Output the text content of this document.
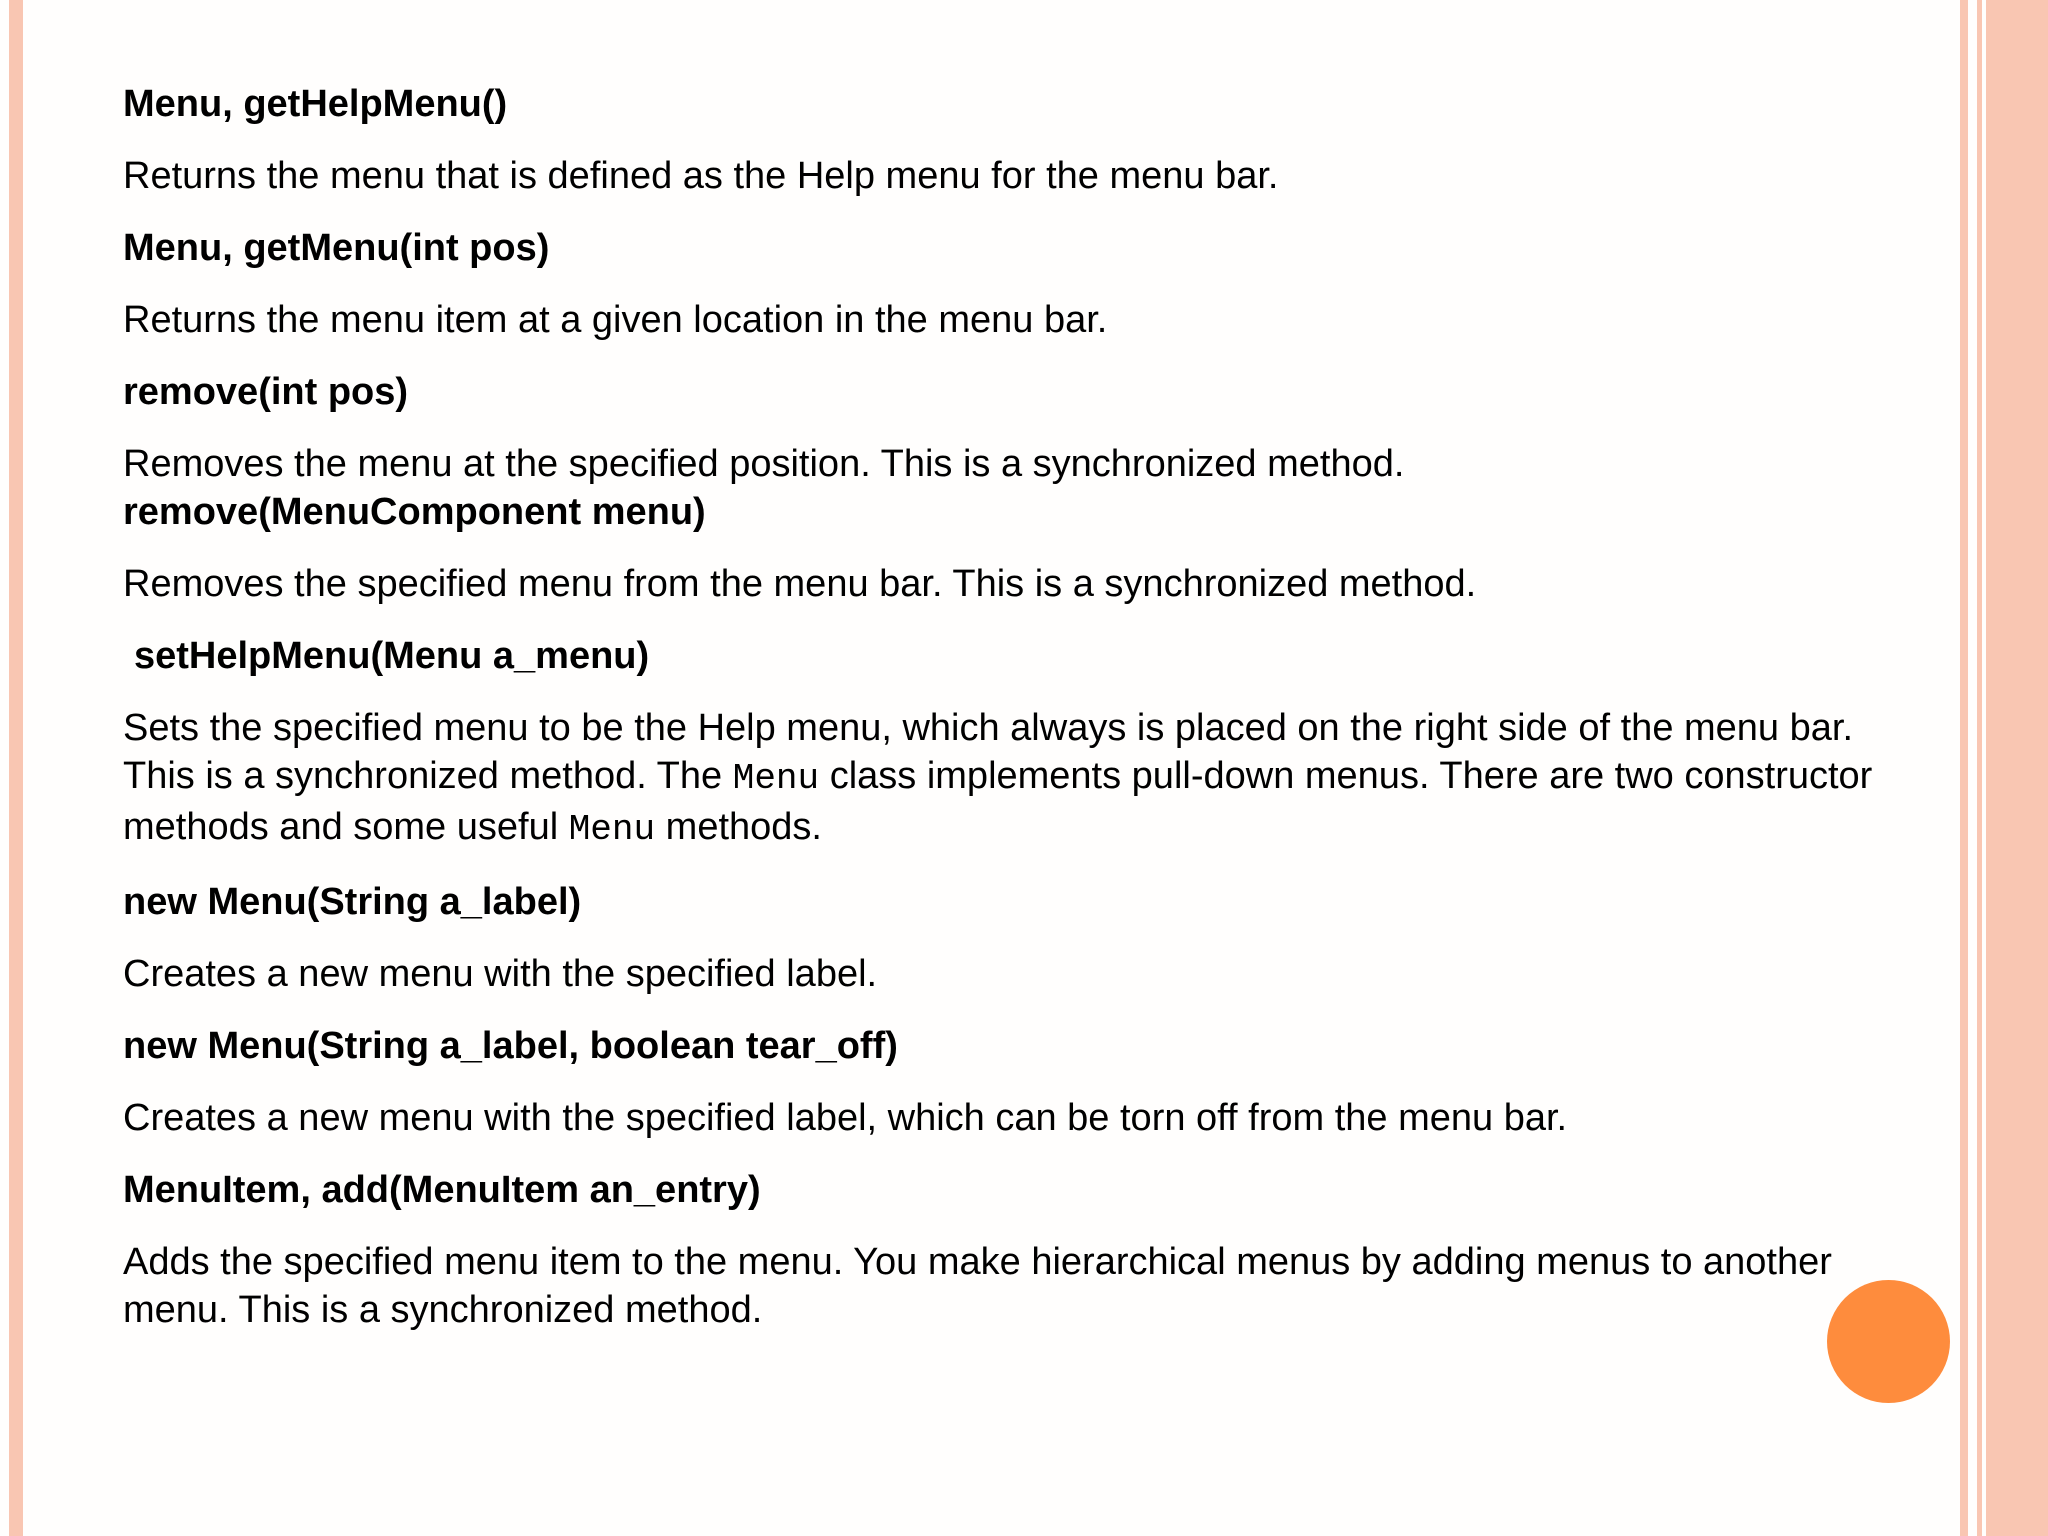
Menu, getHelpMenu()

Returns the menu that is defined as the Help menu for the menu bar.

Menu, getMenu(int pos)

Returns the menu item at a given location in the menu bar.

remove(int pos)

Removes the menu at the specified position. This is a synchronized method.

remove(MenuComponent menu)

Removes the specified menu from the menu bar. This is a synchronized method.

setHelpMenu(Menu a_menu)

Sets the specified menu to be the Help menu, which always is placed on the right side of the menu bar. This is a synchronized method. The Menu class implements pull-down menus. There are two constructor methods and some useful Menu methods.

new Menu(String a_label)

Creates a new menu with the specified label.

new Menu(String a_label, boolean tear_off)

Creates a new menu with the specified label, which can be torn off from the menu bar.

MenuItem, add(MenuItem an_entry)

Adds the specified menu item to the menu. You make hierarchical menus by adding menus to another menu. This is a synchronized method.
